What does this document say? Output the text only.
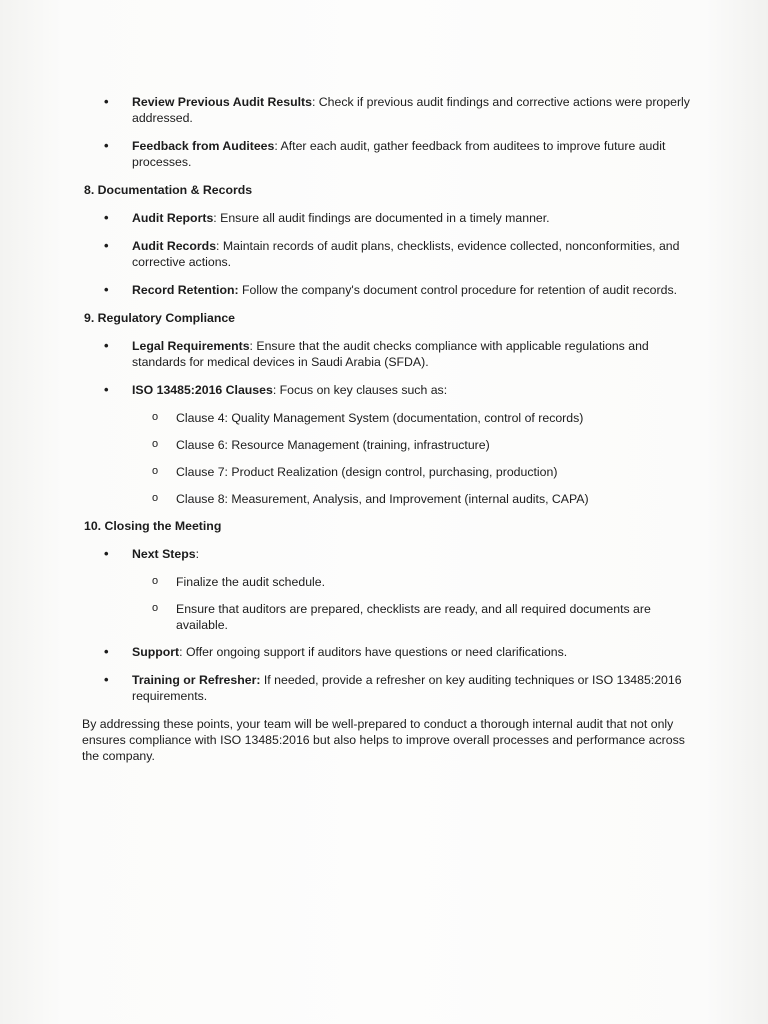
• Review Previous Audit Results: Check if previous audit findings and corrective actions were properly addressed.
• Feedback from Auditees: After each audit, gather feedback from auditees to improve future audit processes.
8. Documentation & Records
• Audit Reports: Ensure all audit findings are documented in a timely manner.
• Audit Records: Maintain records of audit plans, checklists, evidence collected, nonconformities, and corrective actions.
• Record Retention: Follow the company's document control procedure for retention of audit records.
9. Regulatory Compliance
• Legal Requirements: Ensure that the audit checks compliance with applicable regulations and standards for medical devices in Saudi Arabia (SFDA).
• ISO 13485:2016 Clauses: Focus on key clauses such as:
o Clause 4: Quality Management System (documentation, control of records)
o Clause 6: Resource Management (training, infrastructure)
o Clause 7: Product Realization (design control, purchasing, production)
o Clause 8: Measurement, Analysis, and Improvement (internal audits, CAPA)
10. Closing the Meeting
• Next Steps:
o Finalize the audit schedule.
o Ensure that auditors are prepared, checklists are ready, and all required documents are available.
• Support: Offer ongoing support if auditors have questions or need clarifications.
• Training or Refresher: If needed, provide a refresher on key auditing techniques or ISO 13485:2016 requirements.
By addressing these points, your team will be well-prepared to conduct a thorough internal audit that not only ensures compliance with ISO 13485:2016 but also helps to improve overall processes and performance across the company.
